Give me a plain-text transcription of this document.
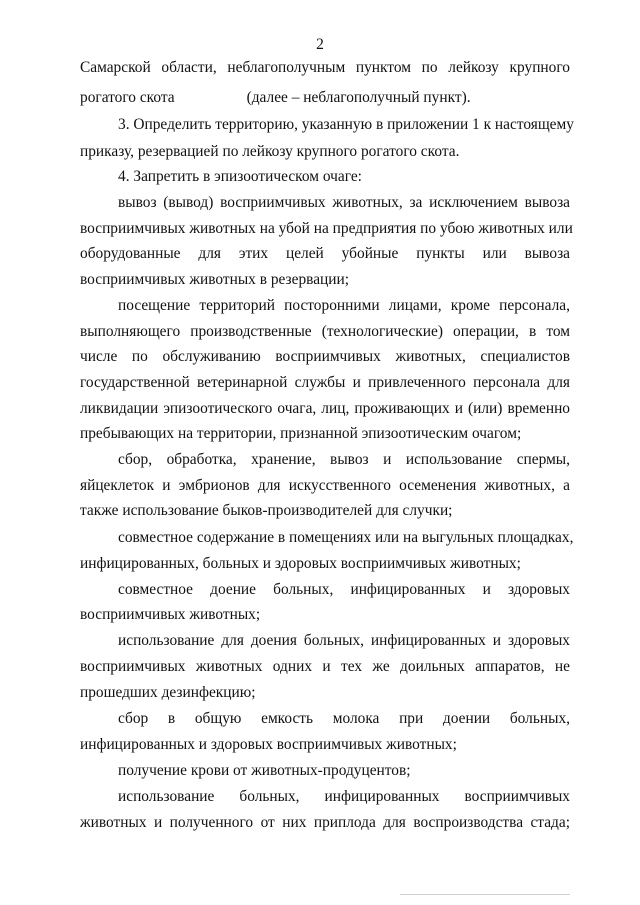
2
Самарской области, неблагополучным пунктом по лейкозу крупного
рогатого скота	(далее – неблагополучный пункт).
3. Определить территорию, указанную в приложении 1 к настоящему
приказу, резервацией по лейкозу крупного рогатого скота.
4. Запретить в эпизоотическом очаге:
вывоз (вывод) восприимчивых животных, за исключением вывоза
восприимчивых животных на убой на предприятия по убою животных или
оборудованные для этих целей убойные пункты или вывоза
восприимчивых животных в резервации;
посещение территорий посторонними лицами, кроме персонала,
выполняющего производственные (технологические) операции, в том
числе по обслуживанию восприимчивых животных, специалистов
государственной ветеринарной службы и привлеченного персонала для
ликвидации эпизоотического очага, лиц, проживающих и (или) временно
пребывающих на территории, признанной эпизоотическим очагом;
сбор, обработка, хранение, вывоз и использование спермы,
яйцеклеток и эмбрионов для искусственного осеменения животных, а
также использование быков-производителей для случки;
совместное содержание в помещениях или на выгульных площадках,
инфицированных, больных и здоровых восприимчивых животных;
совместное доение больных, инфицированных и здоровых
восприимчивых животных;
использование для доения больных, инфицированных и здоровых
восприимчивых животных одних и тех же доильных аппаратов, не
прошедших дезинфекцию;
сбор в общую емкость молока при доении больных,
инфицированных и здоровых восприимчивых животных;
получение крови от животных-продуцентов;
использование больных, инфицированных восприимчивых
животных и полученного от них приплода для воспроизводства стада;
